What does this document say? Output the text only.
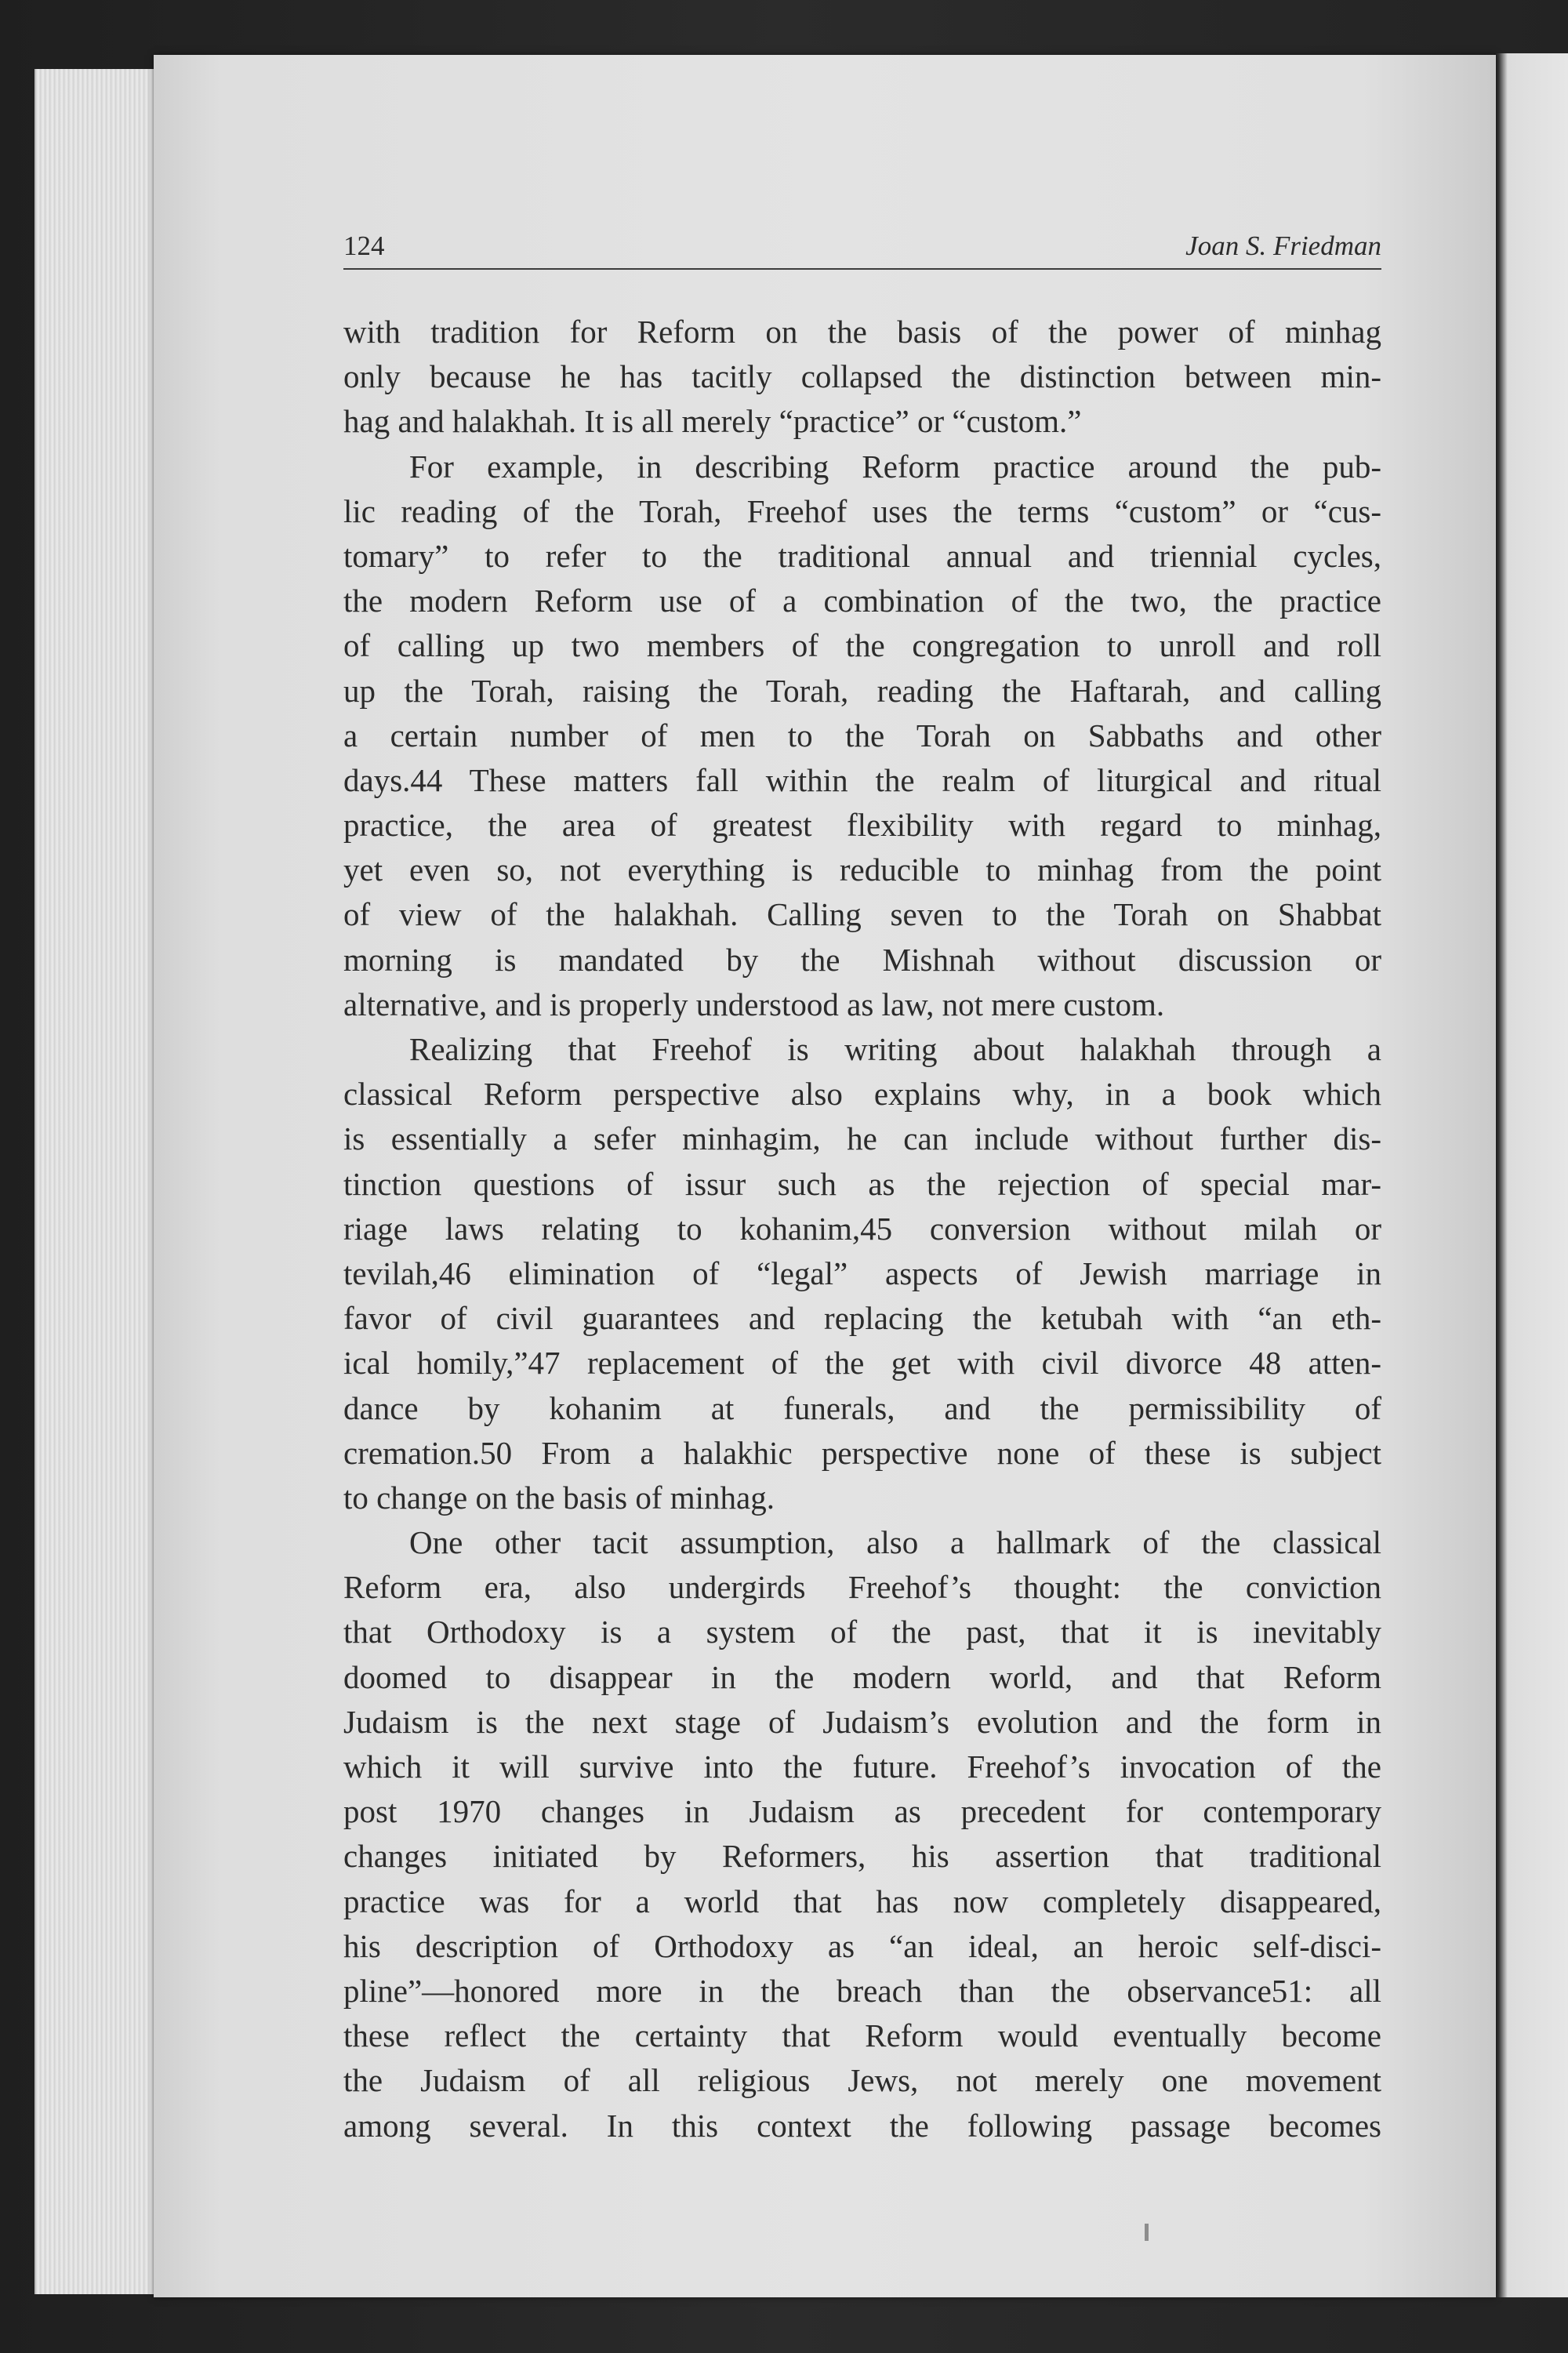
124	Joan S. Friedman
with tradition for Reform on the basis of the power of minhag
only because he has tacitly collapsed the distinction between min-
hag and halakhah. It is all merely “practice” or “custom.”
For example, in describing Reform practice around the pub-
lic reading of the Torah, Freehof uses the terms “custom” or “cus-
tomary” to refer to the traditional annual and triennial cycles,
the modern Reform use of a combination of the two, the practice
of calling up two members of the congregation to unroll and roll
up the Torah, raising the Torah, reading the Haftarah, and calling
a certain number of men to the Torah on Sabbaths and other
days.44 These matters fall within the realm of liturgical and ritual
practice, the area of greatest flexibility with regard to minhag,
yet even so, not everything is reducible to minhag from the point
of view of the halakhah. Calling seven to the Torah on Shabbat
morning is mandated by the Mishnah without discussion or
alternative, and is properly understood as law, not mere custom.
Realizing that Freehof is writing about halakhah through a
classical Reform perspective also explains why, in a book which
is essentially a sefer minhagim, he can include without further dis-
tinction questions of issur such as the rejection of special mar-
riage laws relating to kohanim,45 conversion without milah or
tevilah,46 elimination of “legal” aspects of Jewish marriage in
favor of civil guarantees and replacing the ketubah with “an eth-
ical homily,”47 replacement of the get with civil divorce 48 atten-
dance by kohanim at funerals, and the permissibility of
cremation.50 From a halakhic perspective none of these is subject
to change on the basis of minhag.
One other tacit assumption, also a hallmark of the classical
Reform era, also undergirds Freehof’s thought: the conviction
that Orthodoxy is a system of the past, that it is inevitably
doomed to disappear in the modern world, and that Reform
Judaism is the next stage of Judaism’s evolution and the form in
which it will survive into the future. Freehof’s invocation of the
post 1970 changes in Judaism as precedent for contemporary
changes initiated by Reformers, his assertion that traditional
practice was for a world that has now completely disappeared,
his description of Orthodoxy as “an ideal, an heroic self-disci-
pline”—honored more in the breach than the observance51: all
these reflect the certainty that Reform would eventually become
the Judaism of all religious Jews, not merely one movement
among several. In this context the following passage becomes
